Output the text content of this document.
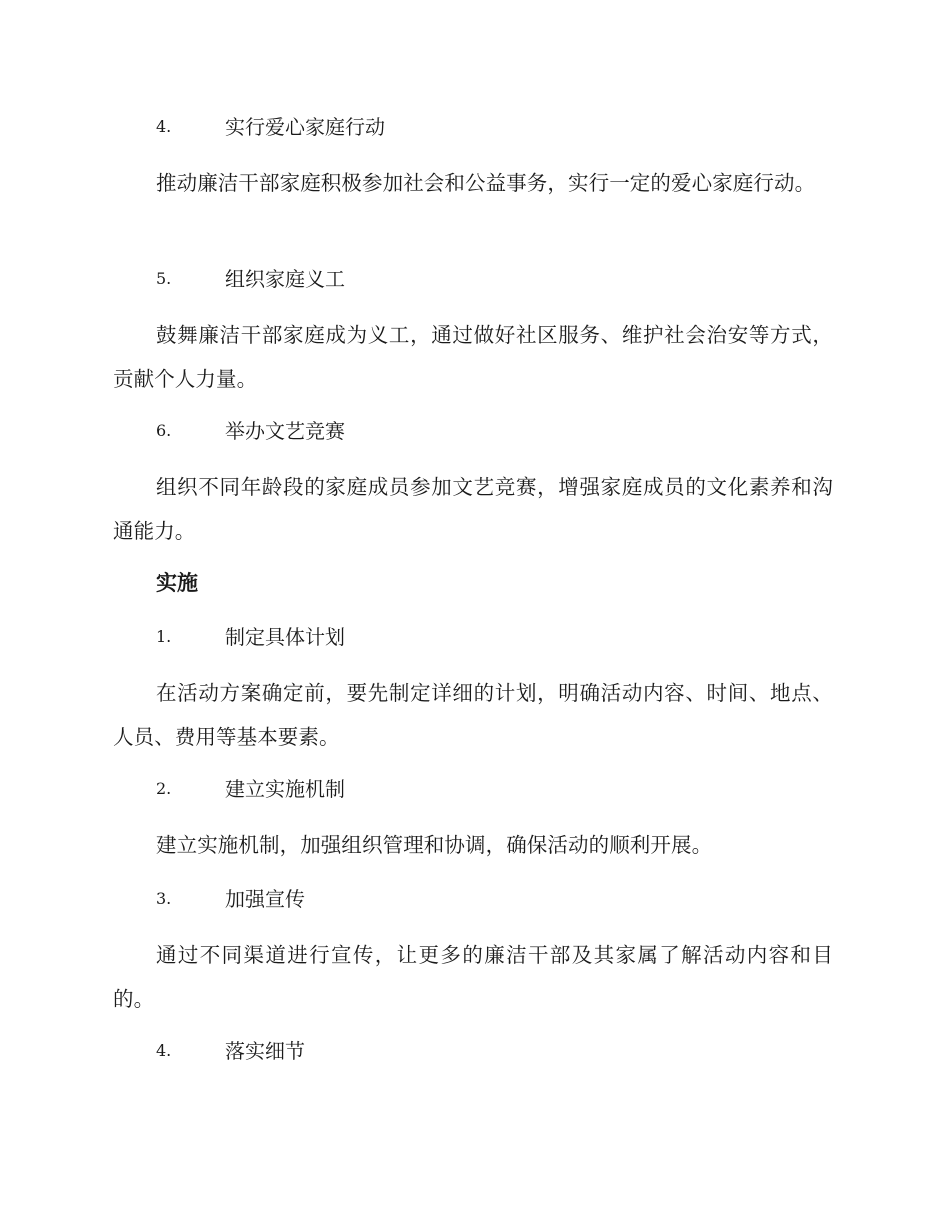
4.	实行爱心家庭行动

推动廉洁干部家庭积极参加社会和公益事务，实行一定的爱心家庭行动。

5.	组织家庭义工

鼓舞廉洁干部家庭成为义工，通过做好社区服务、维护社会治安等方式，贡献个人力量。

6.	举办文艺竞赛

组织不同年龄段的家庭成员参加文艺竞赛，增强家庭成员的文化素养和沟通能力。

实施
1.	制定具体计划

在活动方案确定前，要先制定详细的计划，明确活动内容、时间、地点、人员、费用等基本要素。

2.	建立实施机制

建立实施机制，加强组织管理和协调，确保活动的顺利开展。

3.	加强宣传

通过不同渠道进行宣传，让更多的廉洁干部及其家属了解活动内容和目的。

4.	落实细节
